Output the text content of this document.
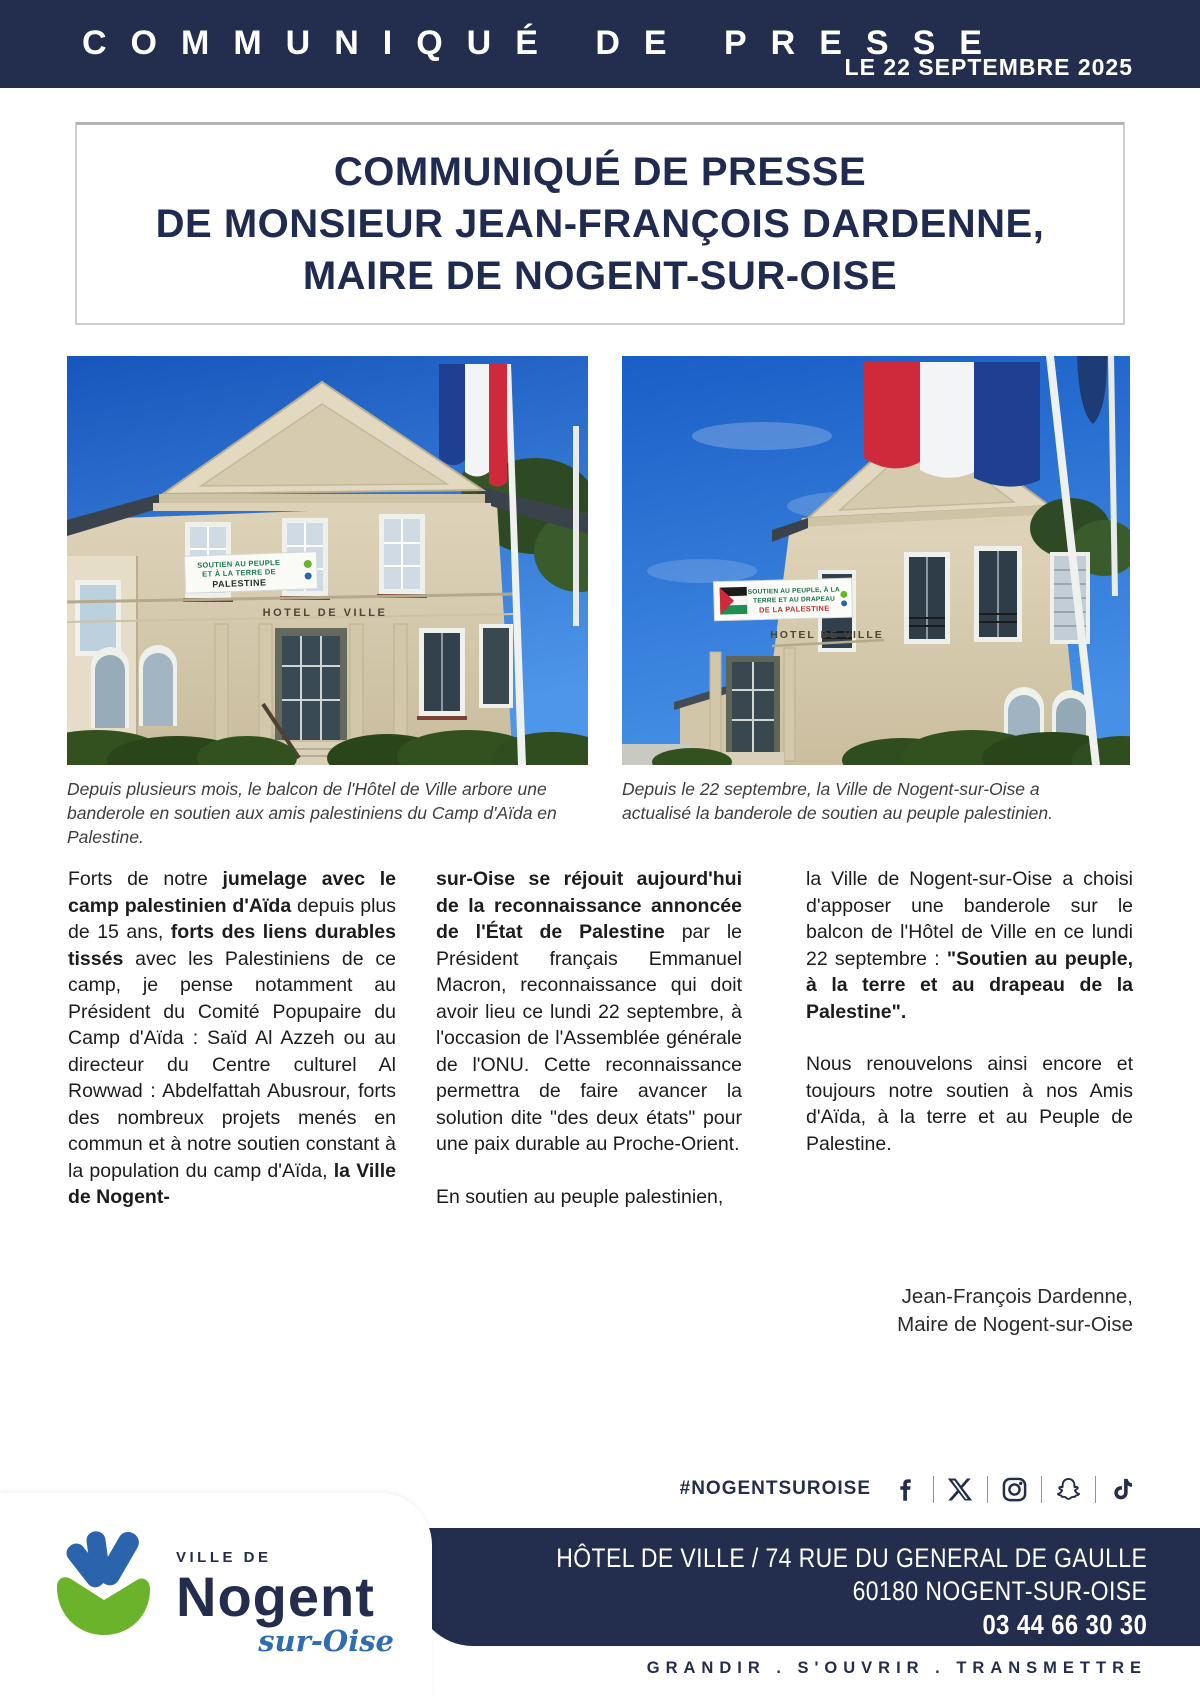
COMMUNIQUÉ DE PRESSE
LE 22 SEPTEMBRE 2025
COMMUNIQUÉ DE PRESSE
DE MONSIEUR JEAN-FRANÇOIS DARDENNE,
MAIRE DE NOGENT-SUR-OISE
HOTEL DE VILLE
SOUTIEN AU PEUPLE
ET À LA TERRE DE
PALESTINE
HOTEL DE VILLE
SOUTIEN AU PEUPLE, À LA
TERRE ET AU DRAPEAU
DE LA PALESTINE
Depuis plusieurs mois, le balcon de l'Hôtel de Ville arbore une banderole en soutien aux amis palestiniens du Camp d'Aïda en Palestine.
Depuis le 22 septembre, la Ville de Nogent-sur-Oise a actualisé la banderole de soutien au peuple palestinien.

Forts de notre jumelage avec le camp palestinien d'Aïda depuis plus de 15 ans, forts des liens durables tissés avec les Palestiniens de ce camp, je pense notamment au Président du Comité Popupaire du Camp d'Aïda : Saïd Al Azzeh ou au directeur du Centre culturel Al Rowwad : Abdelfattah Abusrour, forts des nombreux projets menés en commun et à notre soutien constant à la population du camp d'Aïda, la Ville de Nogent-

sur-Oise se réjouit aujourd'hui de la reconnaissance annoncée de l'État de Palestine par le Président français Emmanuel Macron, reconnaissance qui doit avoir lieu ce lundi 22 septembre, à l'occasion de l'Assemblée générale de l'ONU. Cette reconnaissance permettra de faire avancer la solution dite "des deux états" pour une paix durable au Proche-Orient.

En soutien au peuple palestinien,

la Ville de Nogent-sur-Oise a choisi d'apposer une banderole sur le balcon de l'Hôtel de Ville en ce lundi 22 septembre : "Soutien au peuple, à la terre et au drapeau de la Palestine".

Nous renouvelons ainsi encore et toujours notre soutien à nos Amis d'Aïda, à la terre et au Peuple de Palestine.

Jean-François Dardenne,
Maire de Nogent-sur-Oise
#NOGENTSUROISE
HÔTEL DE VILLE / 74 RUE DU GENERAL DE GAULLE
60180 NOGENT-SUR-OISE
03 44 66 30 30
VILLE DE
Nogent
sur-Oise
GRANDIR . S'OUVRIR . TRANSMETTRE
